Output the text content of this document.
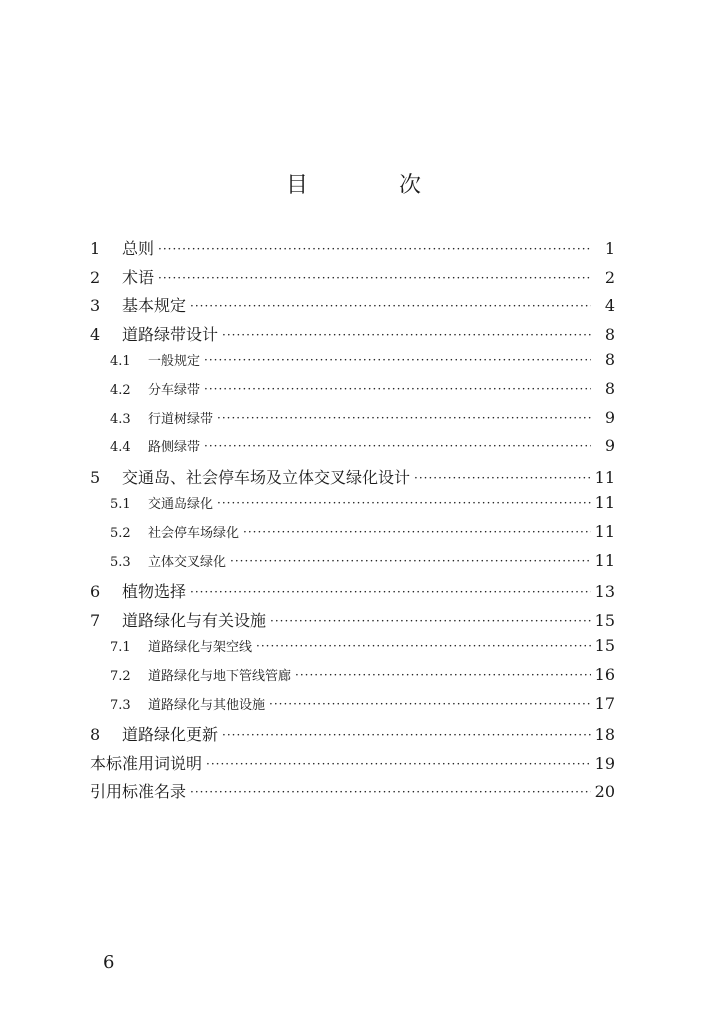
目 次
1	总则 ·····	1
2	术语 ·····	2
3	基本规定 ·····	4
4	道路绿带设计 ·····	8
4.1	一般规定 ·····	8
4.2	分车绿带 ·····	8
4.3	行道树绿带 ·····	9
4.4	路侧绿带 ·····	9
5	交通岛、社会停车场及立体交叉绿化设计 ·····	11
5.1	交通岛绿化 ·····	11
5.2	社会停车场绿化 ·····	11
5.3	立体交叉绿化 ·····	11
6	植物选择 ·····	13
7	道路绿化与有关设施 ·····	15
7.1	道路绿化与架空线 ·····	15
7.2	道路绿化与地下管线管廊 ·····	16
7.3	道路绿化与其他设施 ·····	17
8	道路绿化更新 ·····	18
本标准用词说明 ·····	19
引用标准名录 ·····	20
6
